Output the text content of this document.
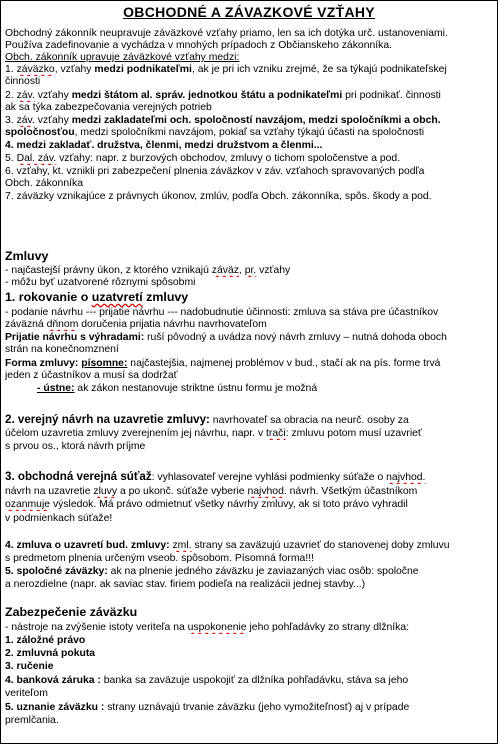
OBCHODNÉ A ZÁVAZKOVÉ VZŤAHY
Obchodný zákonník neupravuje záväzkové vzťahy priamo, len sa ich dotýka urč. ustanoveniami.
Používa zadefinovanie a vychádza v mnohých prípadoch z Občianskeho zákonníka.
Obch. zákonník upravuje záväzkové vzťahy medzi:
1. záväzko, vzťahy medzi podnikateľmi, ak je pri ich vzniku zrejmé, že sa týkajú podnikateľskej
činnosti
2. záv. vzťahy medzi štátom al. správ. jednotkou štátu a podnikateľmi pri podnikať. činnosti
ak sa týka zabezpečovania verejných potrieb
3. záv. vzťahy medzi zakladateľmi och. spoločností navzájom, medzi spoločníkmi a obch.
spoločnosťou, medzi spoločníkmi navzájom, pokiaľ sa vzťahy týkajú účasti na spoločnosti
4. medzi zakladať. družstva, členmi, medzi družstvom a členmi...
5. Dal. záv. vzťahy: napr. z burzových obchodov, zmluvy o tichom spoločenstve a pod.
6. vzťahy, kt. vznikli pri zabezpečení plnenia záväzkov v záv. vzťahoch spravovaných podľa
Obch. zákonníka
7. záväzky vznikajúce z právnych úkonov, zmlúv, podľa Obch. zákonníka, spôs. škody a pod.
Zmluvy
- najčastejší právny úkon, z ktorého vznikajú záväz, pr. vzťahy
- môžu byť uzatvorené rôznymi spôsobmi
1. rokovanie o uzatvretí zmluvy
- podanie návrhu --- prijatie návrhu --- nadobudnutie účinnosti: zmluva sa stáva pre účastníkov
záväzná dňnom doručenia prijatia návrhu navrhovateľom
Prijatie návrhu s výhradami: ruší pôvodný a uvádza nový návrh zmluvy – nutná dohoda oboch
strán na konečnomznení
Forma zmluvy: písomne: najčastejšia, najmenej problémov v bud., stačí ak na pís. forme trvá
jeden z účastníkov a musí sa dodržať
- ústne: ak zákon nestanovuje striktne ústnu formu je možná
2. verejný návrh na uzavretie zmluvy: navrhovateľ sa obracia na neurč. osoby za
účelom uzavretia zmluvy zverejnením jej návrhu, napr. v trači: zmluvu potom musí uzavrieť
s prvou os., ktorá návrh príjme
3. obchodná verejná súťaž: vyhlasovateľ verejne vyhlási podmienky súťaže o najvhod.
návrh na uzavretie zluvy a po ukonč. súťaže vyberie najvhod. návrh. Všetkým účastníkom
ozanmuje výsledok. Má právo odmietnuť všetky návrhy zmluvy, ak si toto právo vyhradil
v podmienkach súťaže!
4. zmluva o uzavretí bud. zmluvy: zml. strany sa zaväzujú uzavrieť do stanovenej doby zmluvu
s predmetom plnenia určeným vseob. spôsobom. Písomná forma!!!
5. spoločné záväzky: ak na plnenie jedného záväzku je zaviazaných viac osôb: spoločne
a nerozdielne (napr. ak saviac stav. firiem podieľa na realizácii jednej stavby...)
Zabezpečenie záväzku
- nástroje na zvýšenie istoty veriteľa na uspokonenie jeho pohľadávky zo strany dlžníka:
1. záložné právo
2. zmluvná pokuta
3. ručenie
4. banková záruka : banka sa zaväzuje uspokojiť za dlžníka pohľadávku, stáva sa jeho
veriteľom
5. uznanie záväzku : strany uznávajú trvanie záväzku (jeho vymožiteľnosť) aj v prípade
premlčania.
